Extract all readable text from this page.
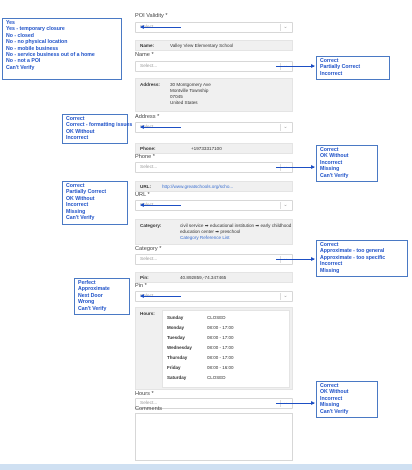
POI Validity *
⌄
Yes
Yes - temporary closure
No - closed
No - no physical location
No - mobile business
No - service business out of a home
No - not a POI
Can't Verify
Name:	Valley View Elementary School
Name *
Select...
Correct
Partially Correct
Incorrect
Address: 30 Montgomery Ave
Montville Township
07045
United States
Address *
⌄
Correct
Correct - formatting issues
OK Without
Incorrect
Phone:	+19733317100
Phone *
Select...
Correct
OK Without
Incorrect
Missing
Can't Verify
URL: http://www.greatschools.org/scho...
URL *
⌄
Correct
Partially Correct
OK Without
Incorrect
Missing
Can't Verify
Category:	civil service ➡ educational institution ➡ early childhood
education center ➡ preschool
Category Reference List
Category *
Select...
Correct
Approximate - too general
Approximate - too specific
Incorrect
Missing
Pin:	40.892859,-74.347465
Pin *
⌄
Perfect
Approximate
Next Door
Wrong
Can't Verify
Hours:
Sunday	CLOSED
Monday	08:00 - 17:00
Tuesday	08:00 - 17:00
Wednesday	08:00 - 17:00
Thursday	08:00 - 17:00
Friday	08:00 - 16:00
Saturday	CLOSED
Hours *
Select...
Correct
OK Without
Incorrect
Missing
Can't Verify
Comments
